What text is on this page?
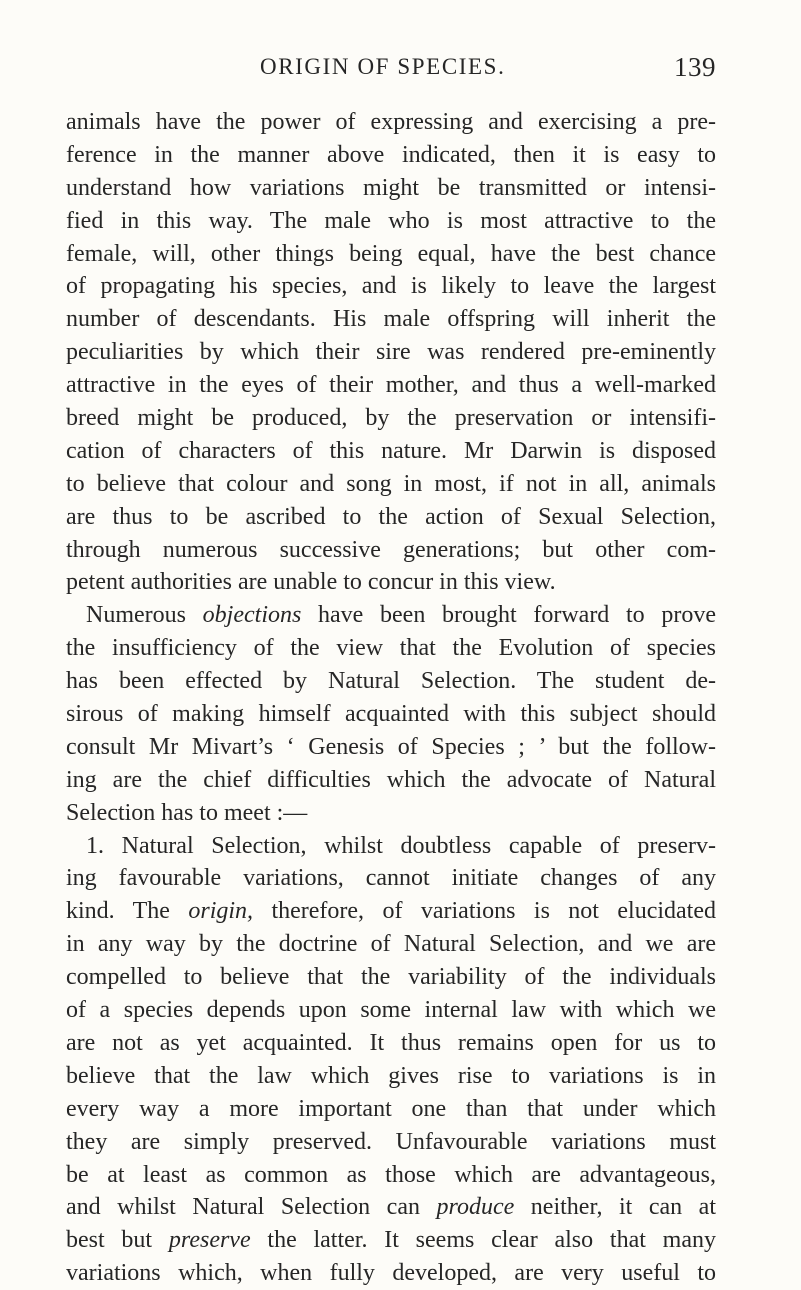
ORIGIN OF SPECIES.	139
animals have the power of expressing and exercising a pre-
ference in the manner above indicated, then it is easy to
understand how variations might be transmitted or intensi-
fied in this way. The male who is most attractive to the
female, will, other things being equal, have the best chance
of propagating his species, and is likely to leave the largest
number of descendants. His male offspring will inherit the
peculiarities by which their sire was rendered pre-eminently
attractive in the eyes of their mother, and thus a well-marked
breed might be produced, by the preservation or intensifi-
cation of characters of this nature. Mr Darwin is disposed
to believe that colour and song in most, if not in all, animals
are thus to be ascribed to the action of Sexual Selection,
through numerous successive generations; but other com-
petent authorities are unable to concur in this view.
Numerous objections have been brought forward to prove
the insufficiency of the view that the Evolution of species
has been effected by Natural Selection. The student de-
sirous of making himself acquainted with this subject should
consult Mr Mivart’s ‘ Genesis of Species ; ’ but the follow-
ing are the chief difficulties which the advocate of Natural
Selection has to meet :—
1. Natural Selection, whilst doubtless capable of preserv-
ing favourable variations, cannot initiate changes of any
kind. The origin, therefore, of variations is not elucidated
in any way by the doctrine of Natural Selection, and we are
compelled to believe that the variability of the individuals
of a species depends upon some internal law with which we
are not as yet acquainted. It thus remains open for us to
believe that the law which gives rise to variations is in
every way a more important one than that under which
they are simply preserved. Unfavourable variations must
be at least as common as those which are advantageous,
and whilst Natural Selection can produce neither, it can at
best but preserve the latter. It seems clear also that many
variations which, when fully developed, are very useful to
